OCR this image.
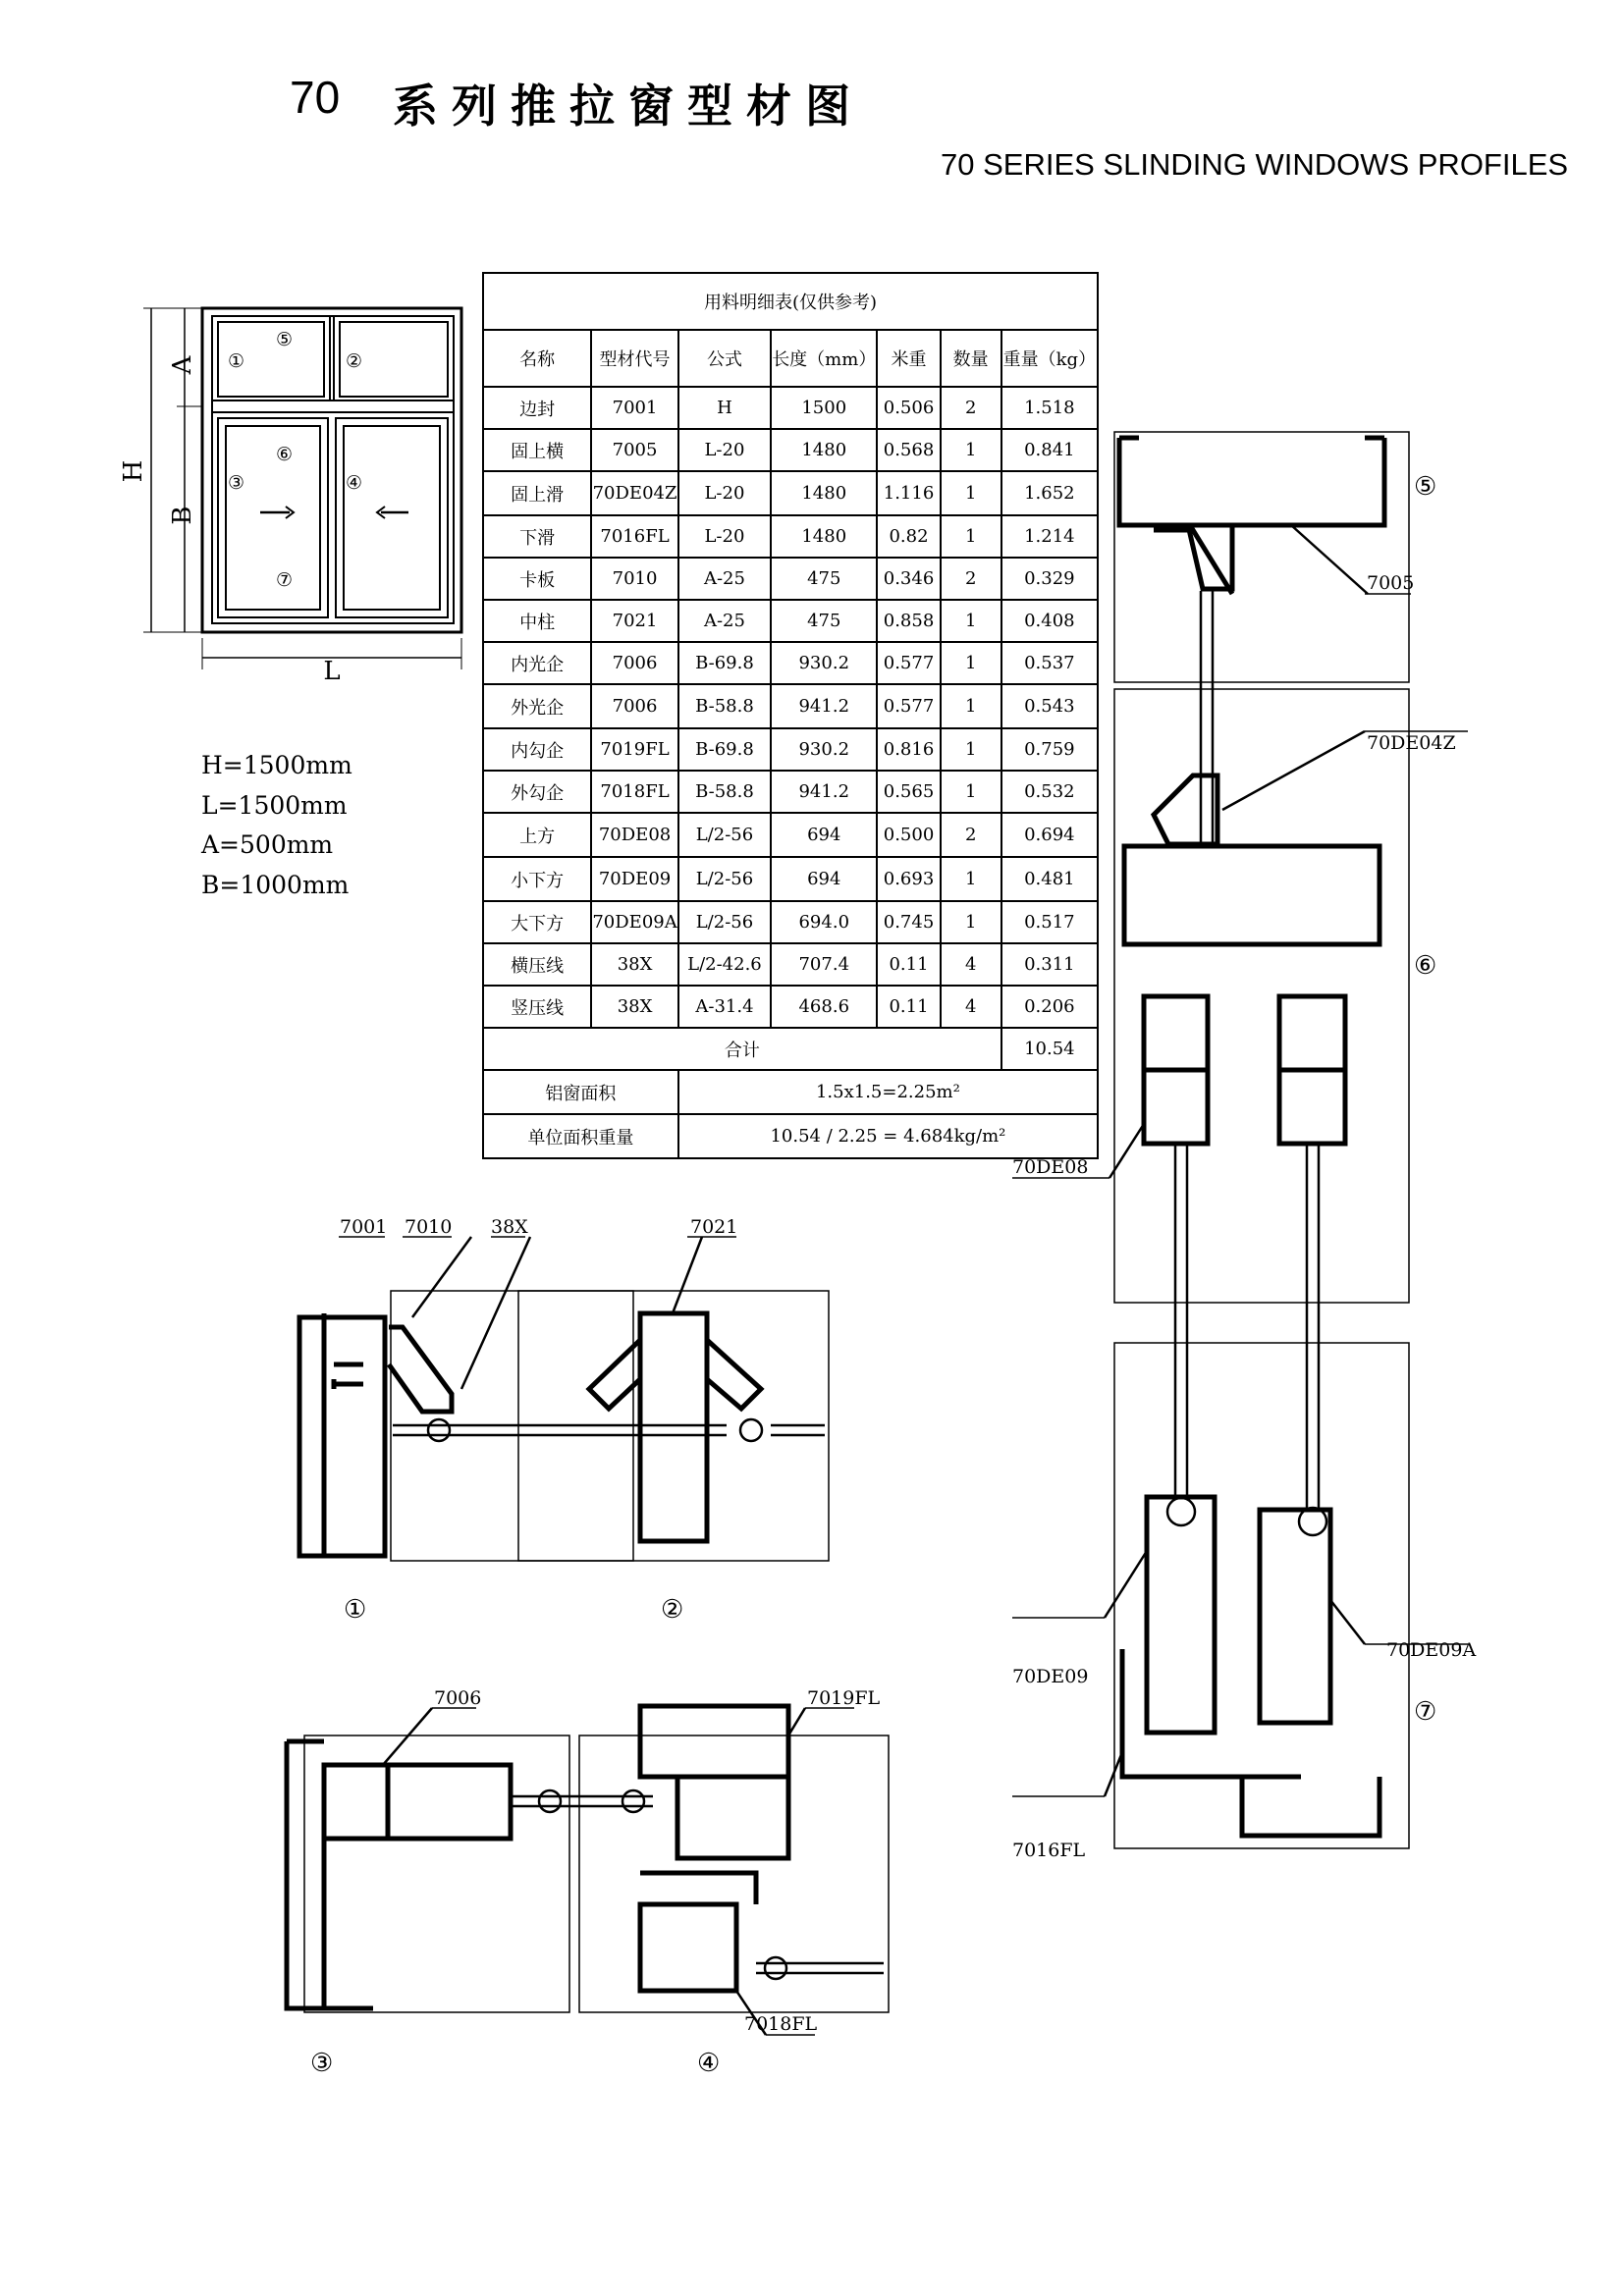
70 系列推拉窗型材图
70 SERIES SLINDING WINDOWS PROFILES
A
H
B
L
①
⑤
②
⑥
③	④
⑦
H=1500mm
L=1500mm
A=500mm
B=1000mm
用料明细表(仅供参考)						
名称	型材代号	公式	长度（mm）	米重	数量	重量（kg）
边封	7001	H	1500	0.506	2	1.518
固上横	7005	L-20	1480	0.568	1	0.841
固上滑	70DE04Z	L-20	1480	1.116	1	1.652
下滑	7016FL	L-20	1480	0.82	1	1.214
卡板	7010	A-25	475	0.346	2	0.329
中柱	7021	A-25	475	0.858	1	0.408
内光企	7006	B-69.8	930.2	0.577	1	0.537
外光企	7006	B-58.8	941.2	0.577	1	0.543
内勾企	7019FL	B-69.8	930.2	0.816	1	0.759
外勾企	7018FL	B-58.8	941.2	0.565	1	0.532
上方	70DE08	L/2-56	694	0.500	2	0.694
小下方	70DE09	L/2-56	694	0.693	1	0.481
大下方	70DE09A	L/2-56	694.0	0.745	1	0.517
横压线	38X	L/2-42.6	707.4	0.11	4	0.311
竖压线	38X	A-31.4	468.6	0.11	4	0.206
合计						10.54
铝窗面积		1.5x1.5=2.25m²				
单位面积重量		10.54 / 2.25 = 4.684kg/m²				
7001 7010 38X	7021
①	②
7006	7019FL
7018FL
③	④
7005
70DE04Z
70DE08
70DE09
7016FL
70DE09A
⑤
⑥
⑦
